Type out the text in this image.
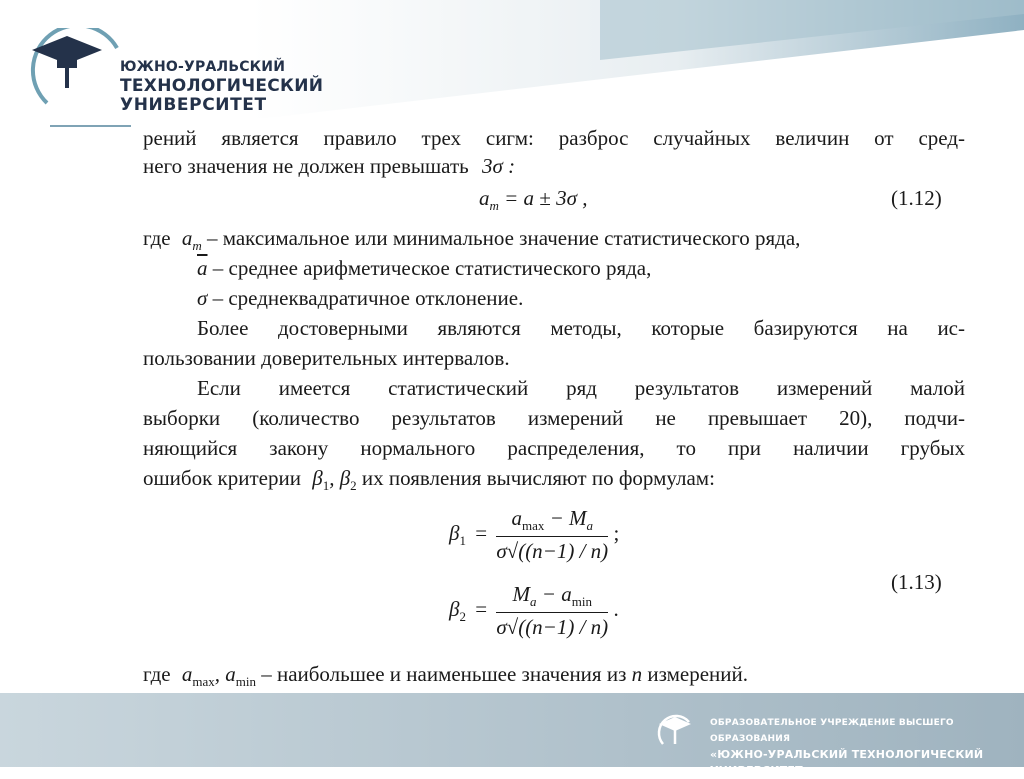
ЮЖНО-УРАЛЬСКИЙ
ТЕХНОЛОГИЧЕСКИЙ
УНИВЕРСИТЕТ
рений является правило трех сигм: разброс случайных величин от сред-
него значения не должен превышать 3σ :
$a_m = a \pm 3\sigma$ ,	(1.12)
где $a_m$ – максимальное или минимальное значение статистического ряда,
$\overline{a}$ – среднее арифметическое статистического ряда,
σ – среднеквадратичное отклонение.
Более достоверными являются методы, которые базируются на ис-
пользовании доверительных интервалов.
Если имеется статистический ряд результатов измерений малой
выборки (количество результатов измерений не превышает 20), подчи-
няющийся закону нормального распределения, то при наличии грубых
ошибок критерии $\beta_1$, $\beta_2$ их появления вычисляют по формулам:
$\beta_1 = \frac{a_{max} - M_a}{\sigma√((n-1) / n)}$ ;
(1.13)
$\beta_2 = \frac{M_a - a_{min}}{\sigma√((n-1) / n)}$ .
где $a_{max}$, $a_{min}$ – наибольшее и наименьшее значения из n измерений.
ОБРАЗОВАТЕЛЬНОЕ УЧРЕЖДЕНИЕ ВЫСШЕГО ОБРАЗОВАНИЯ
«ЮЖНО-УРАЛЬСКИЙ ТЕХНОЛОГИЧЕСКИЙ УНИВЕРСИТЕТ»
